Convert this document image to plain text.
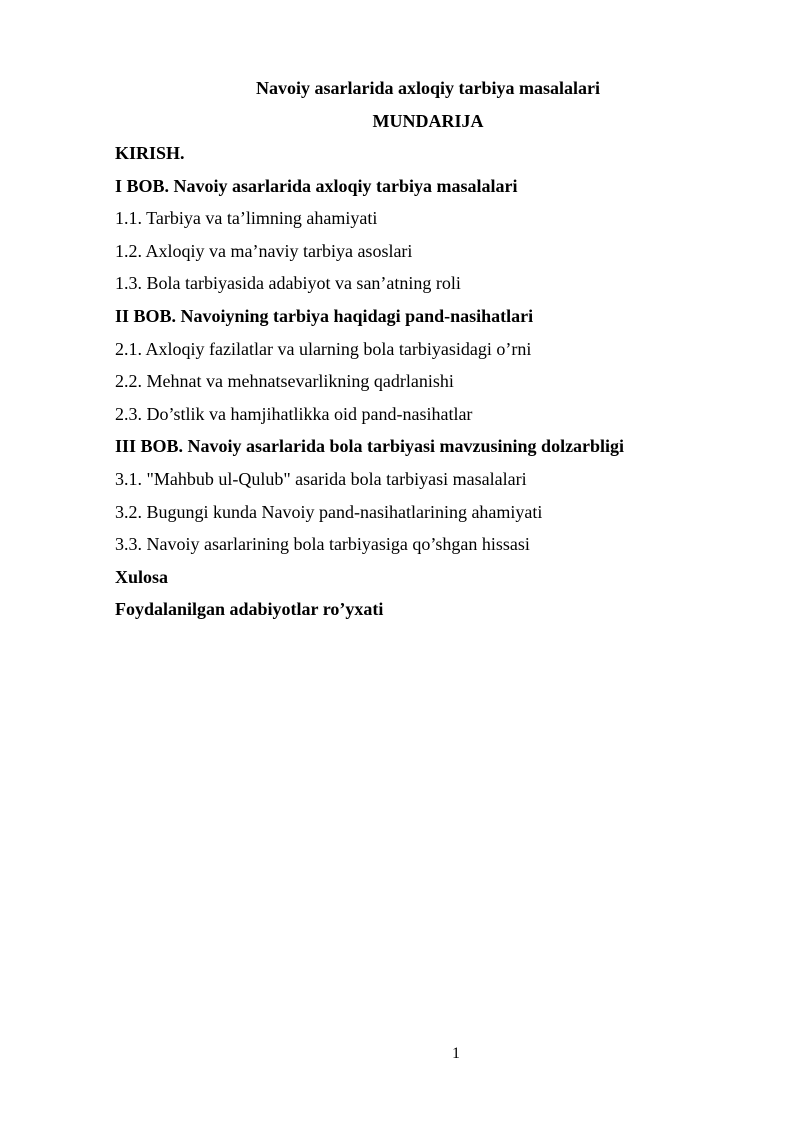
Navoiy asarlarida axloqiy tarbiya masalalari
MUNDARIJA
KIRISH.
I BOB. Navoiy asarlarida axloqiy tarbiya masalalari
1.1. Tarbiya va ta’limning ahamiyati
1.2. Axloqiy va ma’naviy tarbiya asoslari
1.3. Bola tarbiyasida adabiyot va san’atning roli
II BOB. Navoiyning tarbiya haqidagi pand-nasihatlari
2.1. Axloqiy fazilatlar va ularning bola tarbiyasidagi o’rni
2.2. Mehnat va mehnatsevarlikning qadrlanishi
2.3. Do’stlik va hamjihatlikka oid pand-nasihatlar
III BOB. Navoiy asarlarida bola tarbiyasi mavzusining dolzarbligi
3.1. "Mahbub ul-Qulub" asarida bola tarbiyasi masalalari
3.2. Bugungi kunda Navoiy pand-nasihatlarining ahamiyati
3.3. Navoiy asarlarining bola tarbiyasiga qo’shgan hissasi
Xulosa
Foydalanilgan adabiyotlar ro’yxati
1
